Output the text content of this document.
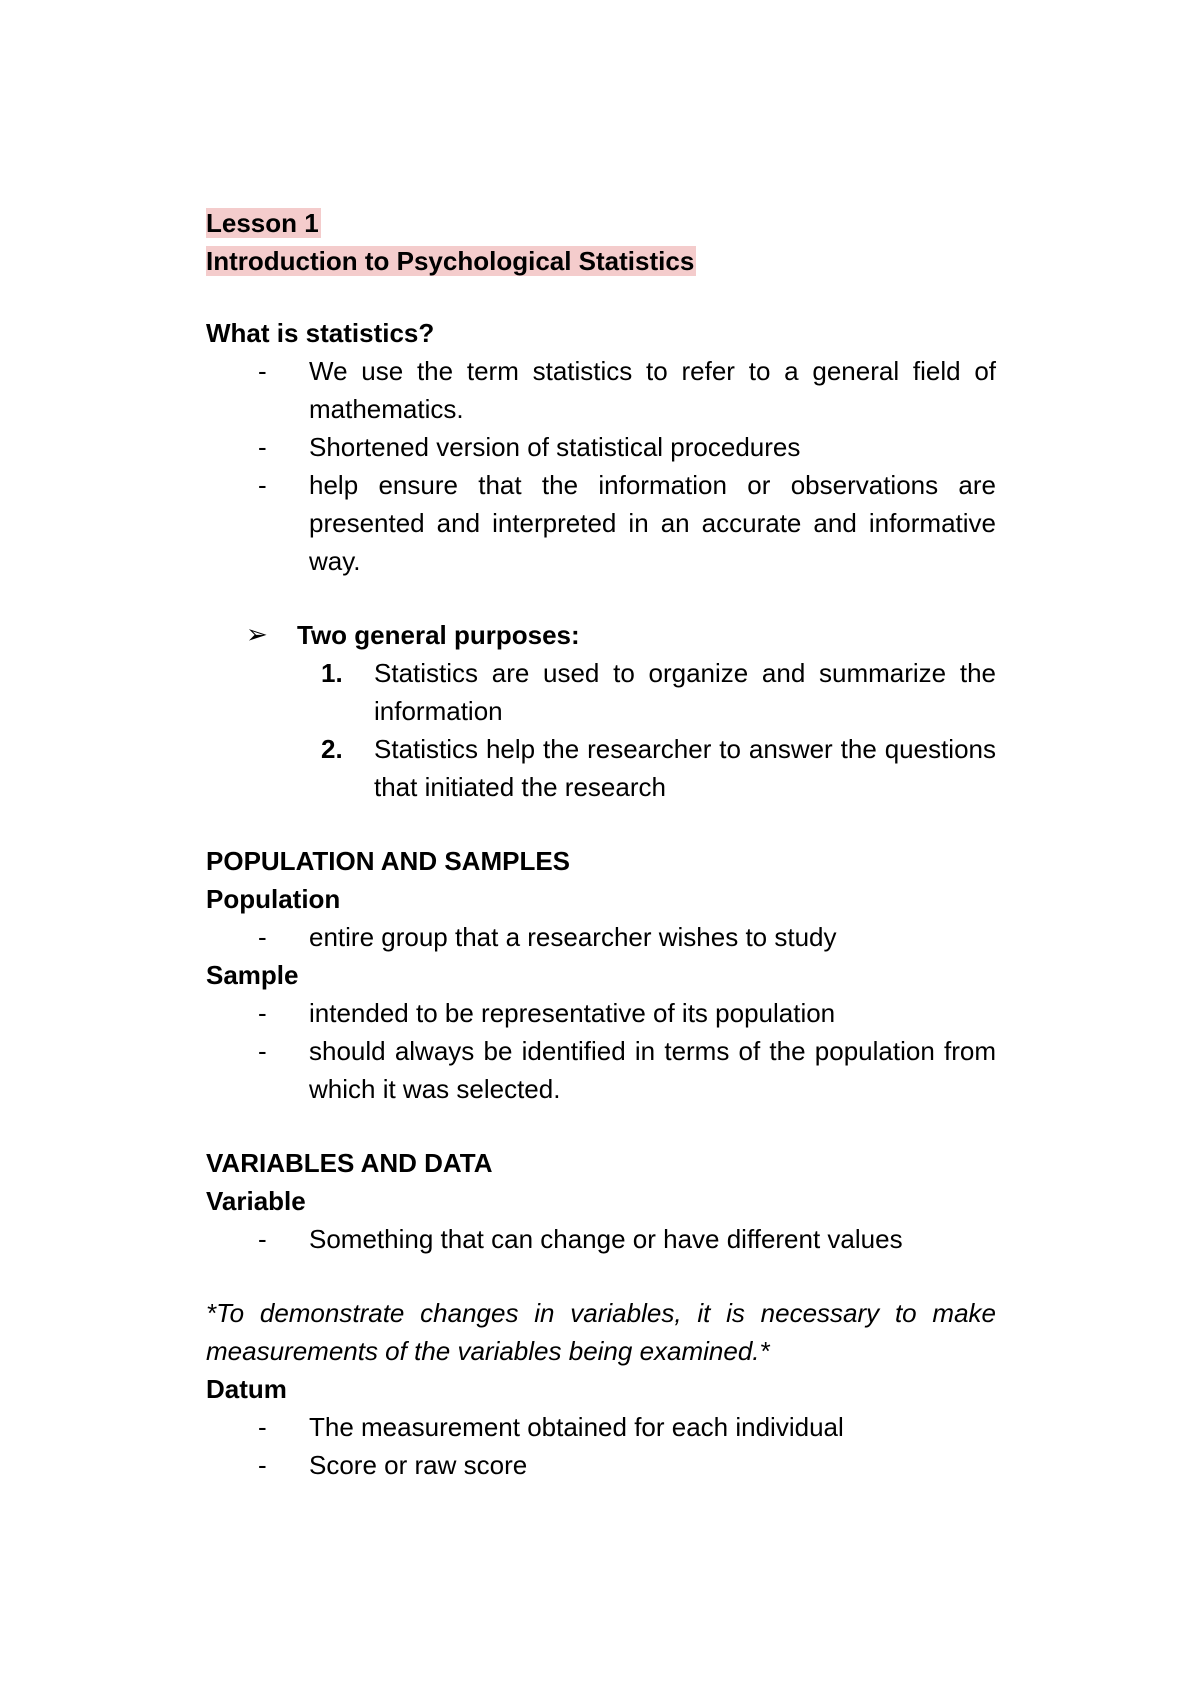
Lesson 1
Introduction to Psychological Statistics
What is statistics?
- We use the term statistics to refer to a general field of mathematics.
- Shortened version of statistical procedures
- help ensure that the information or observations are presented and interpreted in an accurate and informative way.
➢ Two general purposes:
1. Statistics are used to organize and summarize the information
2. Statistics help the researcher to answer the questions that initiated the research
POPULATION AND SAMPLES
Population
- entire group that a researcher wishes to study
Sample
- intended to be representative of its population
- should always be identified in terms of the population from which it was selected.
VARIABLES AND DATA
Variable
- Something that can change or have different values
*To demonstrate changes in variables, it is necessary to make measurements of the variables being examined.*
Datum
- The measurement obtained for each individual
- Score or raw score
